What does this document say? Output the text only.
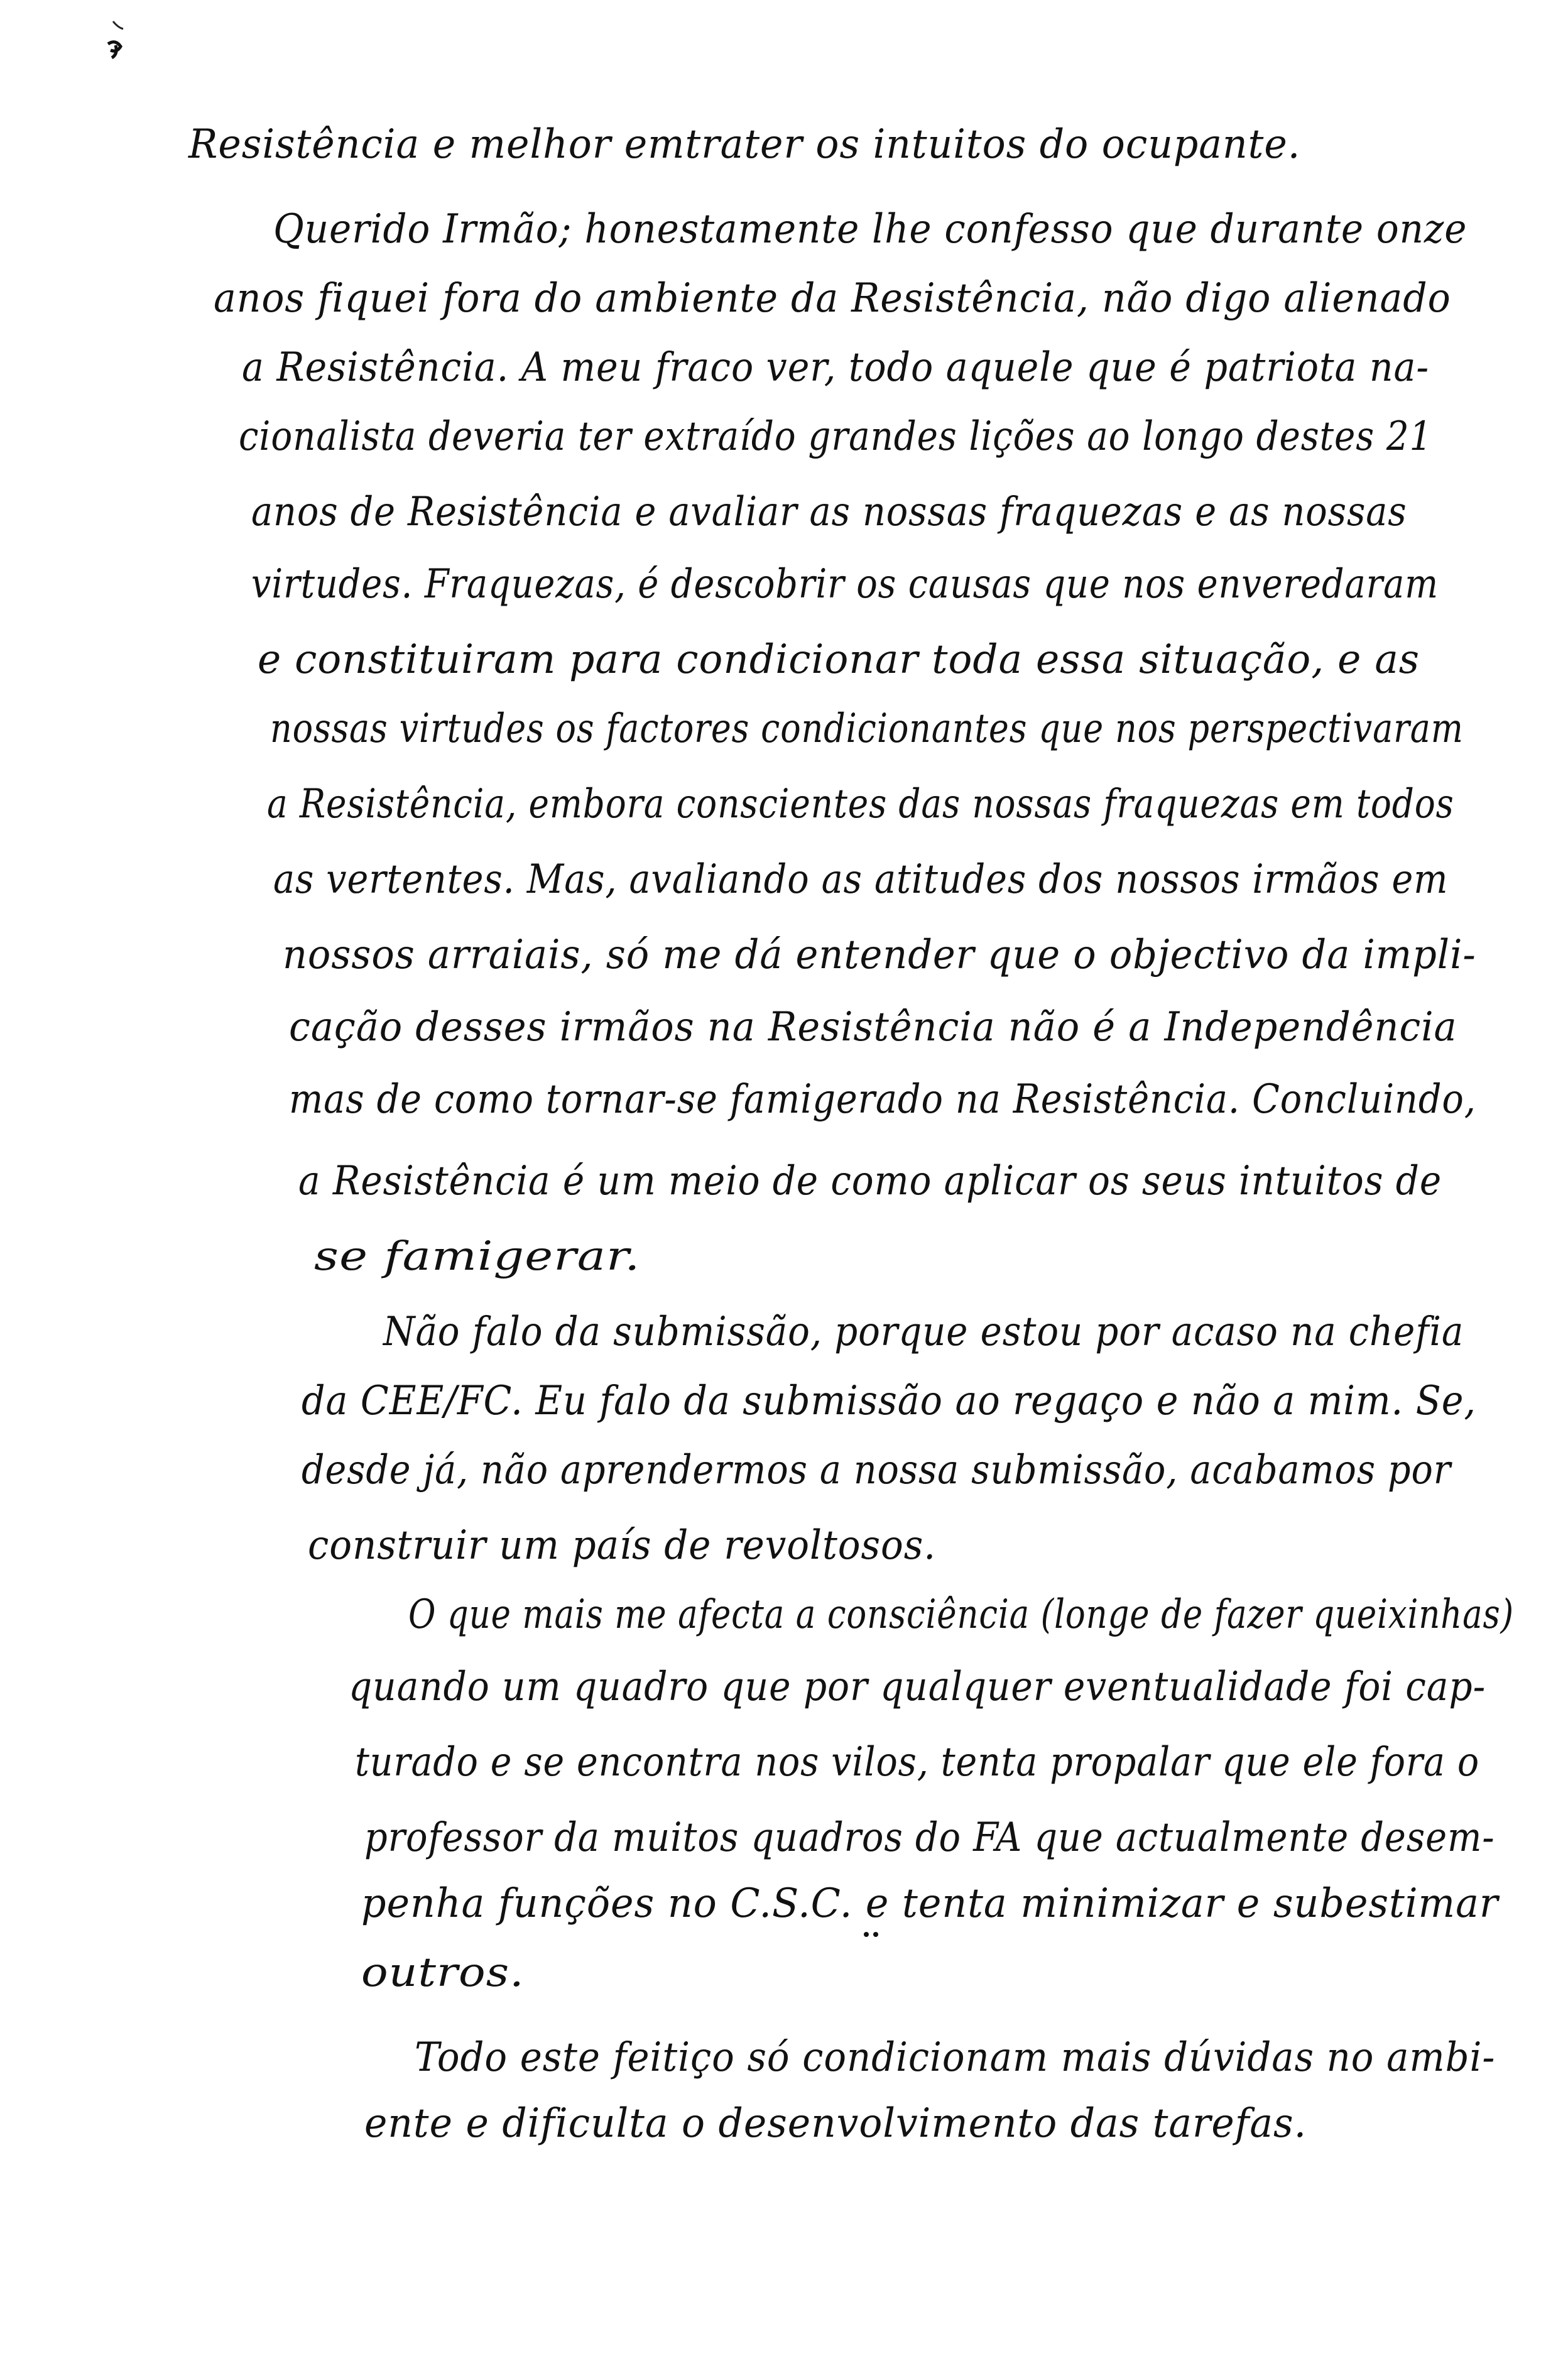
Resistência e melhor emtrater os intuitos do ocupante.
Querido Irmão; honestamente lhe confesso que durante onze
anos fiquei fora do ambiente da Resistência, não digo alienado
a Resistência. A meu fraco ver, todo aquele que é patriota na-
cionalista deveria ter extraído grandes lições ao longo destes 21
anos de Resistência e avaliar as nossas fraquezas e as nossas
virtudes. Fraquezas, é descobrir os causas que nos enveredaram
e constituiram para condicionar toda essa situação, e as
nossas virtudes os factores condicionantes que nos perspectivaram
a Resistência, embora conscientes das nossas fraquezas em todos
as vertentes. Mas, avaliando as atitudes dos nossos irmãos em
nossos arraiais, só me dá entender que o objectivo da impli-
cação desses irmãos na Resistência não é a Independência
mas de como tornar-se famigerado na Resistência. Concluindo,
a Resistência é um meio de como aplicar os seus intuitos de
se famigerar.
Não falo da submissão, porque estou por acaso na chefia
da CEE/FC. Eu falo da submissão ao regaço e não a mim. Se,
desde já, não aprendermos a nossa submissão, acabamos por
construir um país de revoltosos.
O que mais me afecta a consciência (longe de fazer queixinhas)
quando um quadro que por qualquer eventualidade foi cap-
turado e se encontra nos vilos, tenta propalar que ele fora o
professor da muitos quadros do FA que actualmente desem-
penha funções no C.S.C. e tenta minimizar e subestimar
outros.
Todo este feitiço só condicionam mais dúvidas no ambi-
ente e dificulta o desenvolvimento das tarefas.
